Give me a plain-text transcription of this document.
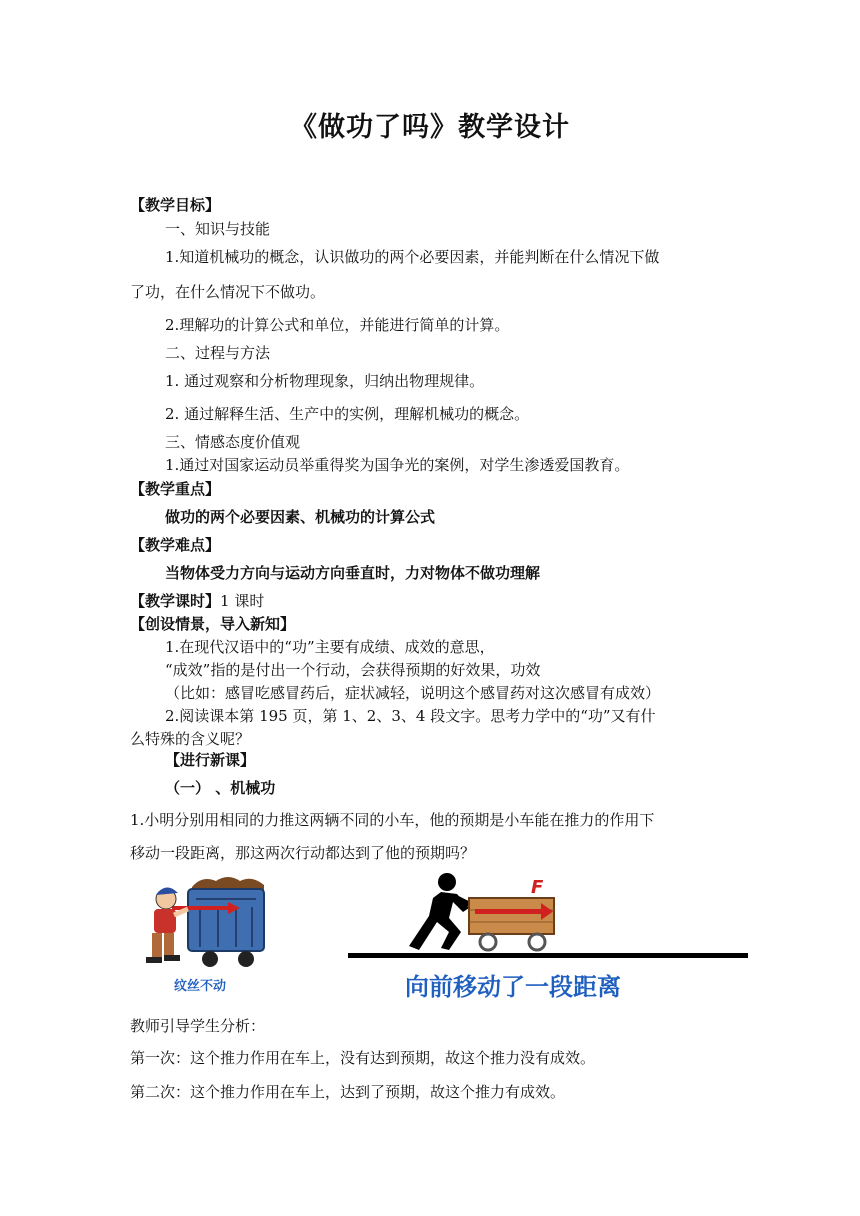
《做功了吗》教学设计
【教学目标】
一、知识与技能
1.知道机械功的概念，认识做功的两个必要因素，并能判断在什么情况下做
了功，在什么情况下不做功。
2.理解功的计算公式和单位，并能进行简单的计算。
二、过程与方法
1. 通过观察和分析物理现象，归纳出物理规律。
2. 通过解释生活、生产中的实例，理解机械功的概念。
三、情感态度价值观
1.通过对国家运动员举重得奖为国争光的案例，对学生渗透爱国教育。
【教学重点】
做功的两个必要因素、机械功的计算公式
【教学难点】
当物体受力方向与运动方向垂直时，力对物体不做功理解
【教学课时】1 课时
【创设情景，导入新知】
1.在现代汉语中的“功”主要有成绩、成效的意思，
“成效”指的是付出一个行动，会获得预期的好效果，功效
（比如：感冒吃感冒药后，症状减轻，说明这个感冒药对这次感冒有成效）
2.阅读课本第 195 页，第 1、2、3、4 段文字。思考力学中的“功”又有什
么特殊的含义呢？
【进行新课】
（一） 、机械功
1.小明分别用相同的力推这两辆不同的小车，他的预期是小车能在推力的作用下
移动一段距离，那这两次行动都达到了他的预期吗？
纹丝不动
F
向前移动了一段距离
教师引导学生分析：
第一次：这个推力作用在车上，没有达到预期，故这个推力没有成效。
第二次：这个推力作用在车上，达到了预期，故这个推力有成效。
